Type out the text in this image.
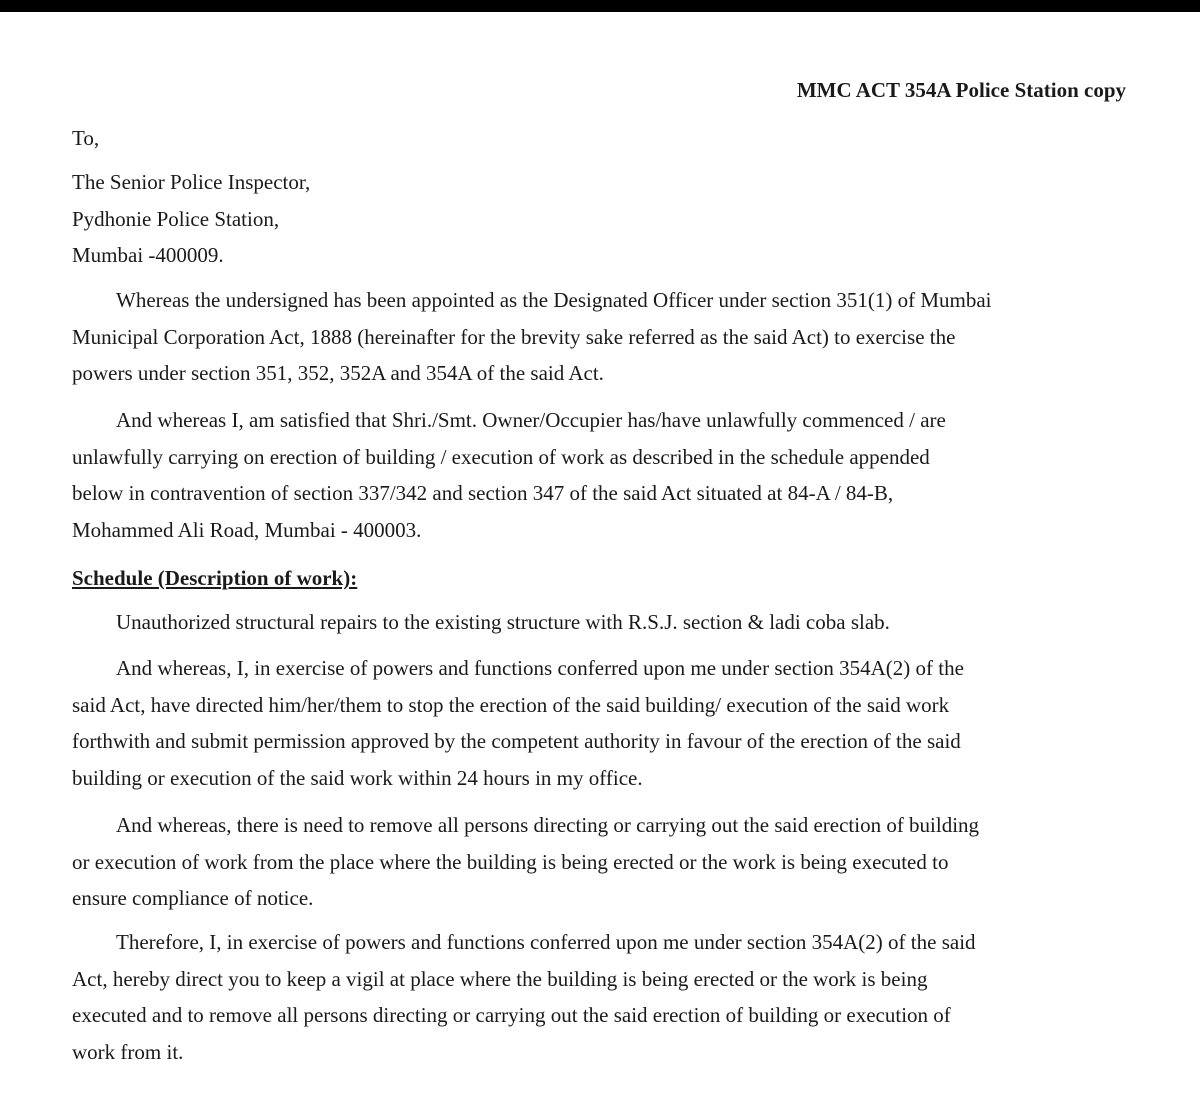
MMC ACT 354A Police Station copy
To,
The Senior Police Inspector,
Pydhonie Police Station,
Mumbai -400009.
Whereas the undersigned has been appointed as the Designated Officer under section 351(1) of Mumbai
Municipal Corporation Act, 1888 (hereinafter for the brevity sake referred as the said Act) to exercise the
powers under section 351, 352, 352A and 354A of the said Act.
And whereas I, am satisfied that Shri./Smt. Owner/Occupier has/have unlawfully commenced / are
unlawfully carrying on erection of building / execution of work as described in the schedule appended
below in contravention of section 337/342 and section 347 of the said Act situated at 84-A / 84-B,
Mohammed Ali Road, Mumbai - 400003.
Schedule (Description of work):
Unauthorized structural repairs to the existing structure with R.S.J. section & ladi coba slab.
And whereas, I, in exercise of powers and functions conferred upon me under section 354A(2) of the
said Act, have directed him/her/them to stop the erection of the said building/ execution of the said work
forthwith and submit permission approved by the competent authority in favour of the erection of the said
building or execution of the said work within 24 hours in my office.
And whereas, there is need to remove all persons directing or carrying out the said erection of building
or execution of work from the place where the building is being erected or the work is being executed to
ensure compliance of notice.
Therefore, I, in exercise of powers and functions conferred upon me under section 354A(2) of the said
Act, hereby direct you to keep a vigil at place where the building is being erected or the work is being
executed and to remove all persons directing or carrying out the said erection of building or execution of
work from it.
